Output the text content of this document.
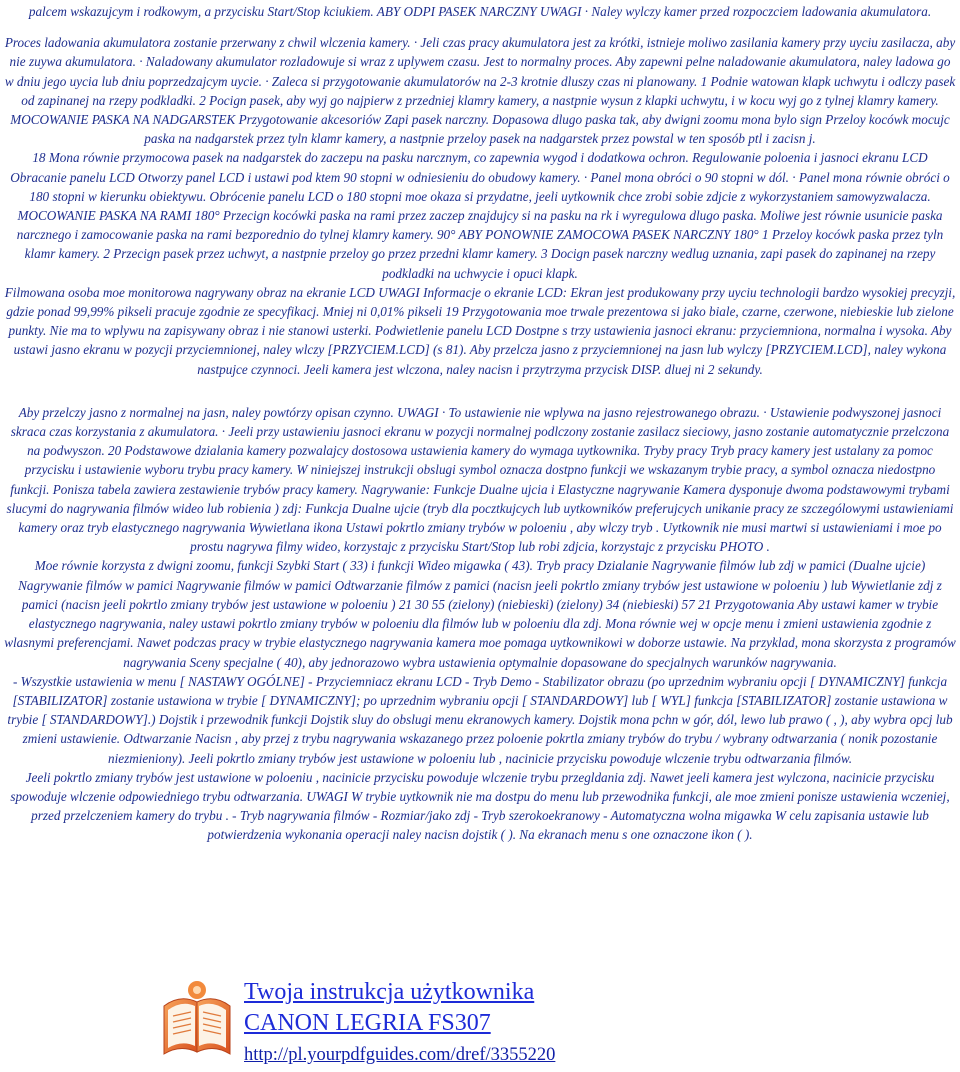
palcem wskazujcym i rodkowym, a przycisku Start/Stop kciukiem. ABY ODPI PASEK NARCZNY UWAGI · Naley wylczy kamer przed rozpoczciem ladowania akumulatora.

Proces ladowania akumulatora zostanie przerwany z chwil wlczenia kamery. · Jeli czas pracy akumulatora jest za krótki, istnieje moliwo zasilania kamery przy uyciu zasilacza, aby nie zuywa akumulatora. · Naladowany akumulator rozladowuje si wraz z uplywem czasu. Jest to normalny proces. Aby zapewni pelne naladowanie akumulatora, naley ladowa go w dniu jego uycia lub dniu poprzedzajcym uycie. · Zaleca si przygotowanie akumulatorów na 2-3 krotnie dluszy czas ni planowany. 1 Podnie watowan klapk uchwytu i odlczy pasek od zapinanej na rzepy podkladki. 2 Pocign pasek, aby wyj go najpierw z przedniej klamry kamery, a nastpnie wysun z klapki uchwytu, i w kocu wyj go z tylnej klamry kamery. MOCOWANIE PASKA NA NADGARSTEK Przygotowanie akcesoriów Zapi pasek narczny. Dopasowa dlugo paska tak, aby dwigni zoomu mona bylo sign Przeloy kocówk mocujc paska na nadgarstek przez tyln klamr kamery, a nastpnie przeloy pasek na nadgarstek przez powstal w ten sposób ptl i zacisn j.

18 Mona równie przymocowa pasek na nadgarstek do zaczepu na pasku narcznym, co zapewnia wygod i dodatkowa ochron. Regulowanie poloenia i jasnoci ekranu LCD Obracanie panelu LCD Otworzy panel LCD i ustawi pod ktem 90 stopni w odniesieniu do obudowy kamery. · Panel mona obróci o 90 stopni w dól. · Panel mona równie obróci o 180 stopni w kierunku obiektywu. Obrócenie panelu LCD o 180 stopni moe okaza si przydatne, jeeli uytkownik chce zrobi sobie zdjcie z wykorzystaniem samowyzwalacza.

MOCOWANIE PASKA NA RAMI 180° Przecign kocówki paska na rami przez zaczep znajdujcy si na pasku na rk i wyregulowa dlugo paska. Moliwe jest równie usunicie paska narcznego i zamocowanie paska na rami bezporednio do tylnej klamry kamery. 90° ABY PONOWNIE ZAMOCOWA PASEK NARCZNY 180° 1 Przeloy kocówk paska przez tyln klamr kamery. 2 Przecign pasek przez uchwyt, a nastpnie przeloy go przez przedni klamr kamery. 3 Docign pasek narczny wedlug uznania, zapi pasek do zapinanej na rzepy podkladki na uchwycie i opuci klapk.

Filmowana osoba moe monitorowa nagrywany obraz na ekranie LCD UWAGI Informacje o ekranie LCD: Ekran jest produkowany przy uyciu technologii bardzo wysokiej precyzji, gdzie ponad 99,99% pikseli pracuje zgodnie ze specyfikacj. Mniej ni 0,01% pikseli 19 Przygotowania moe trwale prezentowa si jako biale, czarne, czerwone, niebieskie lub zielone punkty. Nie ma to wplywu na zapisywany obraz i nie stanowi usterki. Podwietlenie panelu LCD Dostpne s trzy ustawienia jasnoci ekranu: przyciemniona, normalna i wysoka. Aby ustawi jasno ekranu w pozycji przyciemnionej, naley wlczy [PRZYCIEM.LCD] (s 81). Aby przelcza jasno z przyciemnionej na jasn lub wylczy [PRZYCIEM.LCD], naley wykona nastpujce czynnoci. Jeeli kamera jest wlczona, naley nacisn i przytrzyma przycisk DISP. dluej ni 2 sekundy.

Aby przelczy jasno z normalnej na jasn, naley powtórzy opisan czynno. UWAGI · To ustawienie nie wplywa na jasno rejestrowanego obrazu. · Ustawienie podwyszonej jasnoci skraca czas korzystania z akumulatora. · Jeeli przy ustawieniu jasnoci ekranu w pozycji normalnej podlczony zostanie zasilacz sieciowy, jasno zostanie automatycznie przelczona na podwyszon. 20 Podstawowe dzialania kamery pozwalajcy dostosowa ustawienia kamery do wymaga uytkownika. Tryby pracy Tryb pracy kamery jest ustalany za pomoc przycisku i ustawienie wyboru trybu pracy kamery. W niniejszej instrukcji obslugi symbol oznacza dostpno funkcji we wskazanym trybie pracy, a symbol oznacza niedostpno funkcji. Ponisza tabela zawiera zestawienie trybów pracy kamery. Nagrywanie: Funkcje Dualne ujcia i Elastyczne nagrywanie Kamera dysponuje dwoma podstawowymi trybami slucymi do nagrywania filmów wideo lub robienia ) zdj: Funkcja Dualne ujcie (tryb dla pocztkujcych lub uytkowników preferujcych unikanie pracy ze szczególowymi ustawieniami kamery oraz tryb elastycznego nagrywania Wywietlana ikona Ustawi pokrtlo zmiany trybów w poloeniu , aby wlczy tryb . Uytkownik nie musi martwi si ustawieniami i moe po prostu nagrywa filmy wideo, korzystajc z przycisku Start/Stop lub robi zdjcia, korzystajc z przycisku PHOTO .

Moe równie korzysta z dwigni zoomu, funkcji Szybki Start ( 33) i funkcji Wideo migawka ( 43). Tryb pracy Dzialanie Nagrywanie filmów lub zdj w pamici (Dualne ujcie) Nagrywanie filmów w pamici Nagrywanie filmów w pamici Odtwarzanie filmów z pamici (nacisn jeeli pokrtlo zmiany trybów jest ustawione w poloeniu ) lub Wywietlanie zdj z pamici (nacisn jeeli pokrtlo zmiany trybów jest ustawione w poloeniu ) 21 30 55 (zielony) (niebieski) (zielony) 34 (niebieski) 57 21 Przygotowania Aby ustawi kamer w trybie elastycznego nagrywania, naley ustawi pokrtlo zmiany trybów w poloeniu dla filmów lub w poloeniu dla zdj. Mona równie wej w opcje menu i zmieni ustawienia zgodnie z wlasnymi preferencjami. Nawet podczas pracy w trybie elastycznego nagrywania kamera moe pomaga uytkownikowi w doborze ustawie. Na przyklad, mona skorzysta z programów nagrywania Sceny specjalne ( 40), aby jednorazowo wybra ustawienia optymalnie dopasowane do specjalnych warunków nagrywania.

- Wszystkie ustawienia w menu [ NASTAWY OGÓLNE] - Przyciemniacz ekranu LCD - Tryb Demo - Stabilizator obrazu (po uprzednim wybraniu opcji [ DYNAMICZNY] funkcja [STABILIZATOR] zostanie ustawiona w trybie [ DYNAMICZNY]; po uprzednim wybraniu opcji [ STANDARDOWY] lub [ WYL] funkcja [STABILIZATOR] zostanie ustawiona w trybie [ STANDARDOWY].) Dojstik i przewodnik funkcji Dojstik sluy do obslugi menu ekranowych kamery. Dojstik mona pchn w gór, dól, lewo lub prawo ( , ), aby wybra opcj lub zmieni ustawienie. Odtwarzanie Nacisn , aby przej z trybu nagrywania wskazanego przez poloenie pokrtla zmiany trybów do trybu / wybrany odtwarzania ( nonik pozostanie niezmieniony). Jeeli pokrtlo zmiany trybów jest ustawione w poloeniu lub , nacinicie przycisku powoduje wlczenie trybu odtwarzania filmów.

Jeeli pokrtlo zmiany trybów jest ustawione w poloeniu , nacinicie przycisku powoduje wlczenie trybu przegldania zdj. Nawet jeeli kamera jest wylczona, nacinicie przycisku spowoduje wlczenie odpowiedniego trybu odtwarzania. UWAGI W trybie uytkownik nie ma dostpu do menu lub przewodnika funkcji, ale moe zmieni ponisze ustawienia wczeniej, przed przelczeniem kamery do trybu . - Tryb nagrywania filmów - Rozmiar/jako zdj - Tryb szerokoekranowy - Automatyczna wolna migawka W celu zapisania ustawie lub potwierdzenia wykonania operacji naley nacisn dojstik ( ). Na ekranach menu s one oznaczone ikon ( ).

Twoja instrukcja użytkownika
CANON LEGRIA FS307
http://pl.yourpdfguides.com/dref/3355220
